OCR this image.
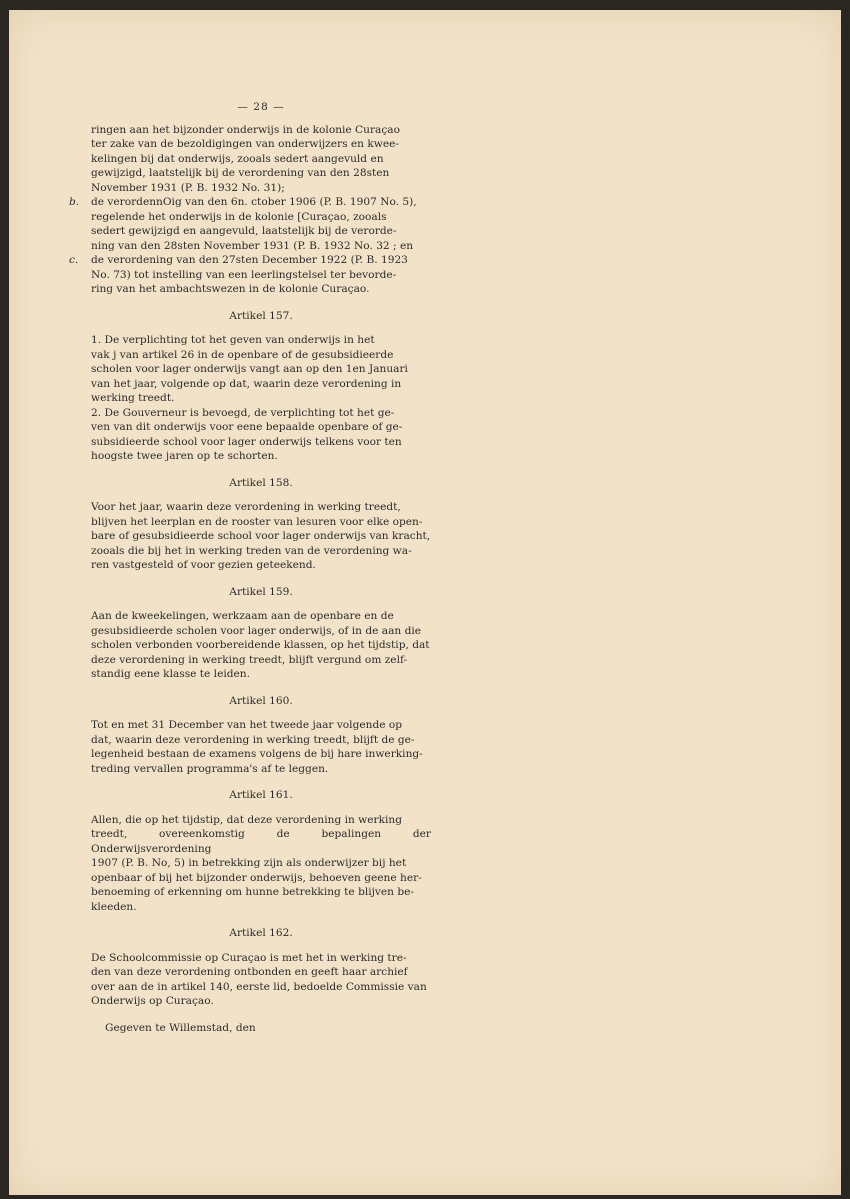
— 28 —
ringen aan het bijzonder onderwijs in de kolonie Curaçao
ter zake van de bezoldigingen van onderwijzers en kwee-
kelingen bij dat onderwijs, zooals sedert aangevuld en
gewijzigd, laatstelijk bij de verordening van den 28sten
November 1931 (P. B. 1932 No. 31);
b. de verordennOig van den 6n. ctober 1906 (P. B. 1907 No. 5),
regelende het onderwijs in de kolonie [Curaçao, zooals
sedert gewijzigd en aangevuld, laatstelijk bij de verorde-
ning van den 28sten November 1931 (P. B. 1932 No. 32 ; en
c. de verordening van den 27sten December 1922 (P. B. 1923
No. 73) tot instelling van een leerlingstelsel ter bevorde-
ring van het ambachtswezen in de kolonie Curaçao.
Artikel 157.
1. De verplichting tot het geven van onderwijs in het
vak j van artikel 26 in de openbare of de gesubsidieerde
scholen voor lager onderwijs vangt aan op den 1en Januari
van het jaar, volgende op dat, waarin deze verordening in
werking treedt.
2. De Gouverneur is bevoegd, de verplichting tot het ge-
ven van dit onderwijs voor eene bepaalde openbare of ge-
subsidieerde school voor lager onderwijs telkens voor ten
hoogste twee jaren op te schorten.
Artikel 158.
Voor het jaar, waarin deze verordening in werking treedt,
blijven het leerplan en de rooster van lesuren voor elke open-
bare of gesubsidieerde school voor lager onderwijs van kracht,
zooals die bij het in werking treden van de verordening wa-
ren vastgesteld of voor gezien geteekend.
Artikel 159.
Aan de kweekelingen, werkzaam aan de openbare en de
gesubsidieerde scholen voor lager onderwijs, of in de aan die
scholen verbonden voorbereidende klassen, op het tijdstip, dat
deze verordening in werking treedt, blijft vergund om zelf-
standig eene klasse te leiden.
Artikel 160.
Tot en met 31 December van het tweede jaar volgende op
dat, waarin deze verordening in werking treedt, blijft de ge-
legenheid bestaan de examens volgens de bij hare inwerking-
treding vervallen programma's af te leggen.
Artikel 161.
Allen, die op het tijdstip, dat deze verordening in werking
treedt, overeenkomstig de bepalingen der Onderwijsverordening
1907 (P. B. No, 5) in betrekking zijn als onderwijzer bij het
openbaar of bij het bijzonder onderwijs, behoeven geene her-
benoeming of erkenning om hunne betrekking te blijven be-
kleeden.
Artikel 162.
De Schoolcommissie op Curaçao is met het in werking tre-
den van deze verordening ontbonden en geeft haar archief
over aan de in artikel 140, eerste lid, bedoelde Commissie van
Onderwijs op Curaçao.
Gegeven te Willemstad, den
